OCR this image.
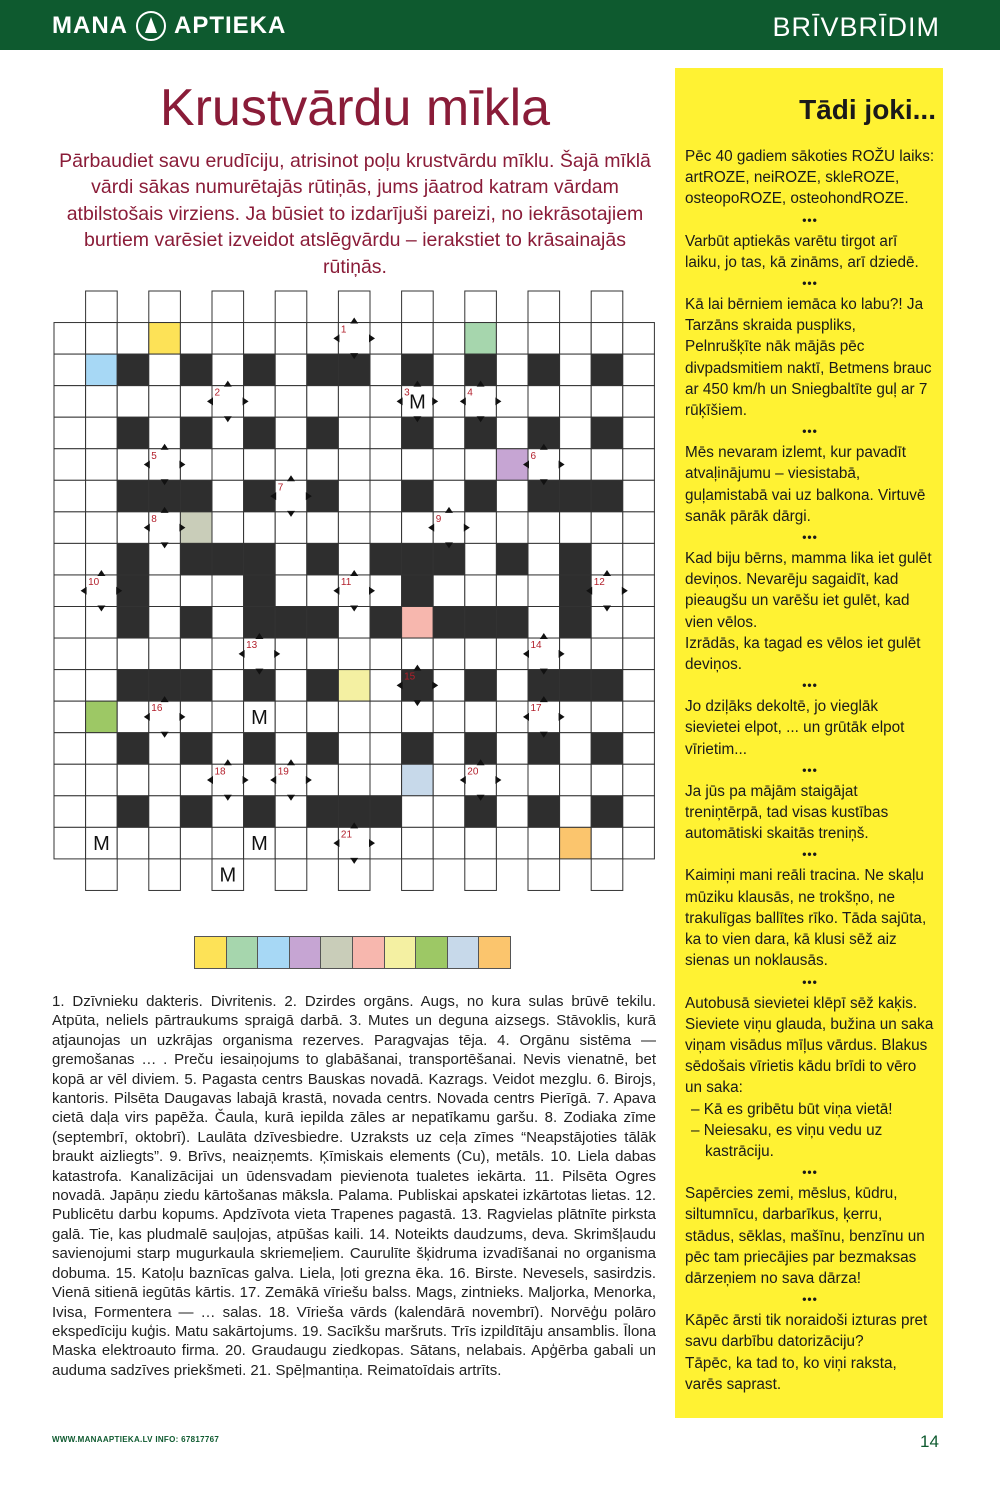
MANA APTIEKA	BRĪVBRĪDIM
Krustvārdu mīkla
Pārbaudiet savu erudīciju, atrisinot poļu krustvārdu mīklu. Šajā mīklā vārdi sākas numurētajās rūtiņās, jums jāatrod katram vārdam atbilstošais virziens. Ja būsiet to izdarījuši pareizi, no iekrāsotajiem burtiem varēsiet izveidot atslēgvārdu – ierakstiet to krāsainajās rūtiņās.
1
2	3	4
5	6
7
8	9
10	11	12
13	14
15
16	17
18	19	20
21
M
M
M	M
M
1. Dzīvnieku dakteris. Divritenis. 2. Dzirdes orgāns. Augs, no kura sulas brūvē tekilu. Atpūta, neliels pārtraukums spraigā darbā. 3. Mutes un deguna aizsegs. Stāvoklis, kurā atjaunojas un uzkrājas organisma rezerves. Paragvajas tēja. 4. Orgānu sistēma — gremošanas … . Preču iesaiņojums to glabāšanai, transportēšanai. Nevis vienatnē, bet kopā ar vēl diviem. 5. Pagasta centrs Bauskas novadā. Kazrags. Veidot mezglu. 6. Birojs, kantoris. Pilsēta Daugavas labajā krastā, novada centrs. Novada centrs Pierīgā. 7. Apava cietā daļa virs papēža. Čaula, kurā iepilda zāles ar nepatīkamu garšu. 8. Zodiaka zīme (septembrī, oktobrī). Laulāta dzīvesbiedre. Uzraksts uz ceļa zīmes “Neapstājoties tālāk braukt aizliegts”. 9. Brīvs, neaizņemts. Ķīmiskais elements (Cu), metāls. 10. Liela dabas katastrofa. Kanalizācijai un ūdensvadam pievienota tualetes iekārta. 11. Pilsēta Ogres novadā. Japāņu ziedu kārtošanas māksla. Palama. Publiskai apskatei izkārtotas lietas. 12. Publicētu darbu kopums. Apdzīvota vieta Trapenes pagastā. 13. Ragvielas plātnīte pirksta galā. Tie, kas pludmalē sauļojas, atpūšas kaili. 14. Noteikts daudzums, deva. Skrimšļaudu savienojumi starp mugurkaula skriemeļiem. Caurulīte šķidruma izvadīšanai no organisma dobuma. 15. Katoļu baznīcas galva. Liela, ļoti grezna ēka. 16. Birste. Nevesels, sasirdzis. Vienā sitienā iegūtās kārtis. 17. Zemākā vīriešu balss. Mags, zintnieks. Maljorka, Menorka, Ivisa, Formentera — … salas. 18. Vīrieša vārds (kalendārā novembrī). Norvēģu polāro ekspedīciju kuģis. Matu sakārtojums. 19. Sacīkšu maršruts. Trīs izpildītāju ansamblis. Īlona Maska elektroauto firma. 20. Graudaugu ziedkopas. Sātans, nelabais. Apģērba gabali un auduma sadzīves priekšmeti. 21. Spēļmantiņa. Reimatoīdais artrīts.
Tādi joki...

Pēc 40 gadiem sākoties ROŽU laiks: artROZE, neiROZE, skleROZE, osteopoROZE, osteohondROZE.

•••

Varbūt aptiekās varētu tirgot arī laiku, jo tas, kā zināms, arī dziedē.

•••

Kā lai bērniem iemāca ko labu?! Ja Tarzāns skraida puspliks, Pelnrušķīte nāk mājās pēc divpadsmitiem naktī, Betmens brauc ar 450 km/h un Sniegbaltīte guļ ar 7 rūķīšiem.

•••

Mēs nevaram izlemt, kur pavadīt atvaļinājumu – viesistabā, guļamistabā vai uz balkona. Virtuvē sanāk pārāk dārgi.

•••

Kad biju bērns, mamma lika iet gulēt deviņos. Nevarēju sagaidīt, kad pieaugšu un varēšu iet gulēt, kad vien vēlos.

Izrādās, ka tagad es vēlos iet gulēt deviņos.

•••

Jo dziļāks dekoltē, jo vieglāk sievietei elpot, ... un grūtāk elpot vīrietim...

•••

Ja jūs pa mājām staigājat treniņtērpā, tad visas kustības automātiski skaitās treniņš.

•••

Kaimiņi mani reāli tracina. Ne skaļu mūziku klausās, ne trokšņo, ne trakulīgas ballītes rīko. Tāda sajūta, ka to vien dara, kā klusi sēž aiz sienas un noklausās.

•••

Autobusā sievietei klēpī sēž kaķis. Sieviete viņu glauda, bužina un saka viņam visādus mīļus vārdus. Blakus sēdošais vīrietis kādu brīdi to vēro un saka:

– Kā es gribētu būt viņa vietā!

– Neiesaku, es viņu vedu uz kastrāciju.

•••

Sapērcies zemi, mēslus, kūdru, siltumnīcu, darbarīkus, ķerru, stādus, sēklas, mašīnu, benzīnu un pēc tam priecājies par bezmaksas dārzeņiem no sava dārza!

•••

Kāpēc ārsti tik noraidoši izturas pret savu darbību datorizāciju?

Tāpēc, ka tad to, ko viņi raksta, varēs saprast.

WWW.MANAAPTIEKA.LV INFO: 67817767	14
